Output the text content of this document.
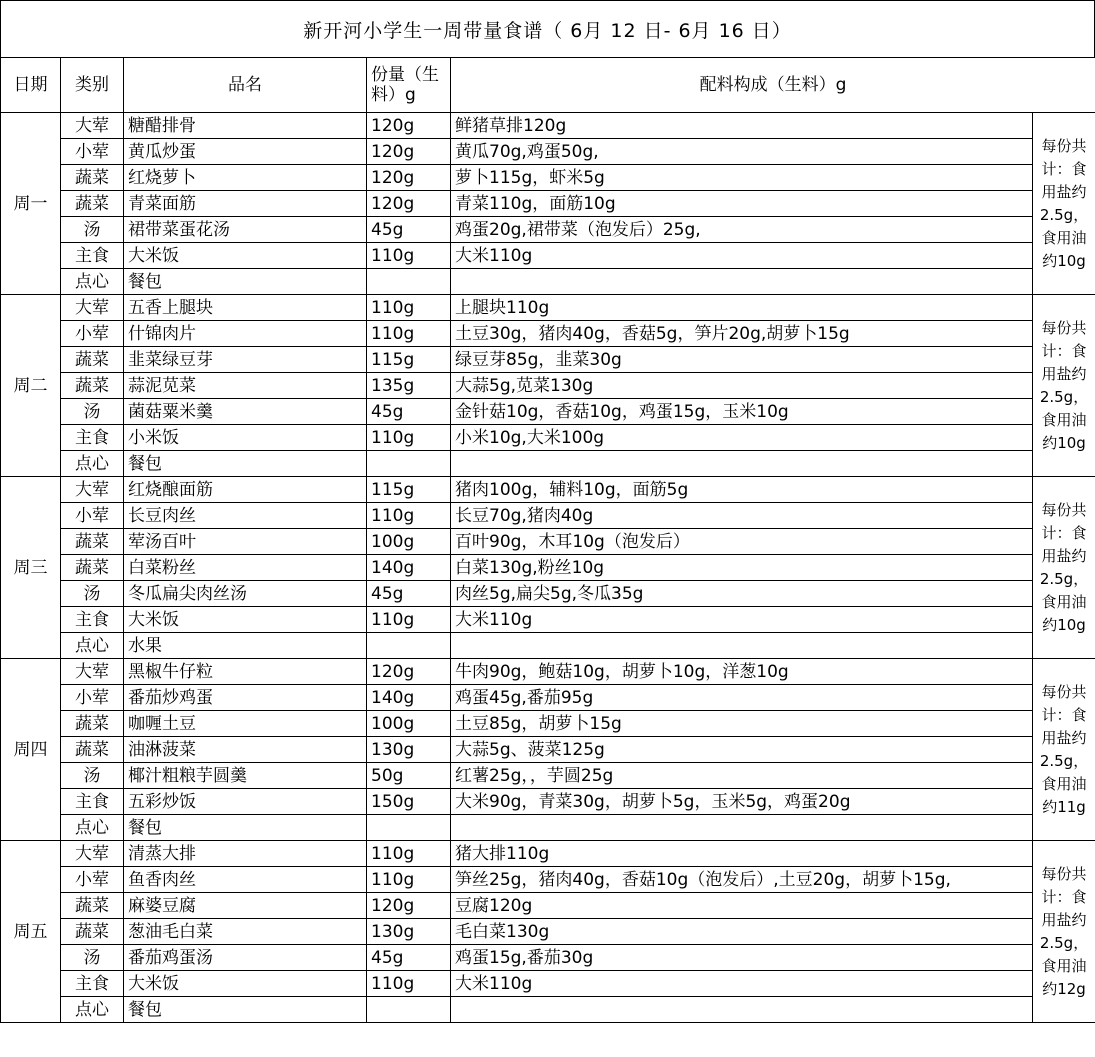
新开河小学生一周带量食谱（ 6月 12 日- 6月 16 日）
日期	类别	品名	份量（生料）g	配料构成（生料）g	
周一	大荤	糖醋排骨	120g	鲜猪草排120g	每份共计：食用盐约2.5g，食用油约10g
	小荤	黄瓜炒蛋	120g	黄瓜70g,鸡蛋50g,	
	蔬菜	红烧萝卜	120g	萝卜115g，虾米5g	
	蔬菜	青菜面筋	120g	青菜110g，面筋10g	
	汤	裙带菜蛋花汤	45g	鸡蛋20g,裙带菜（泡发后）25g,	
	主食	大米饭	110g	大米110g	
	点心	餐包			
周二	大荤	五香上腿块	110g	上腿块110g	每份共计：食用盐约2.5g，食用油约10g
	小荤	什锦肉片	110g	土豆30g，猪肉40g，香菇5g，笋片20g,胡萝卜15g	
	蔬菜	韭菜绿豆芽	115g	绿豆芽85g，韭菜30g	
	蔬菜	蒜泥苋菜	135g	大蒜5g,苋菜130g	
	汤	菌菇粟米羹	45g	金针菇10g，香菇10g，鸡蛋15g，玉米10g	
	主食	小米饭	110g	小米10g,大米100g	
	点心	餐包			
周三	大荤	红烧酿面筋	115g	猪肉100g，辅料10g，面筋5g	每份共计：食用盐约2.5g，食用油约10g
	小荤	长豆肉丝	110g	长豆70g,猪肉40g	
	蔬菜	荤汤百叶	100g	百叶90g，木耳10g（泡发后）	
	蔬菜	白菜粉丝	140g	白菜130g,粉丝10g	
	汤	冬瓜扁尖肉丝汤	45g	肉丝5g,扁尖5g,冬瓜35g	
	主食	大米饭	110g	大米110g	
	点心	水果			
周四	大荤	黑椒牛仔粒	120g	牛肉90g，鲍菇10g，胡萝卜10g，洋葱10g	每份共计：食用盐约2.5g，食用油约11g
	小荤	番茄炒鸡蛋	140g	鸡蛋45g,番茄95g	
	蔬菜	咖喱土豆	100g	土豆85g，胡萝卜15g	
	蔬菜	油淋菠菜	130g	大蒜5g、菠菜125g	
	汤	椰汁粗粮芋圆羹	50g	红薯25g，，芋圆25g	
	主食	五彩炒饭	150g	大米90g，青菜30g，胡萝卜5g，玉米5g，鸡蛋20g	
	点心	餐包			
周五	大荤	清蒸大排	110g	猪大排110g	每份共计：食用盐约2.5g，食用油约12g
	小荤	鱼香肉丝	110g	笋丝25g，猪肉40g，香菇10g（泡发后）,土豆20g，胡萝卜15g,	
	蔬菜	麻婆豆腐	120g	豆腐120g	
	蔬菜	葱油毛白菜	130g	毛白菜130g	
	汤	番茄鸡蛋汤	45g	鸡蛋15g,番茄30g	
	主食	大米饭	110g	大米110g	
	点心	餐包			
